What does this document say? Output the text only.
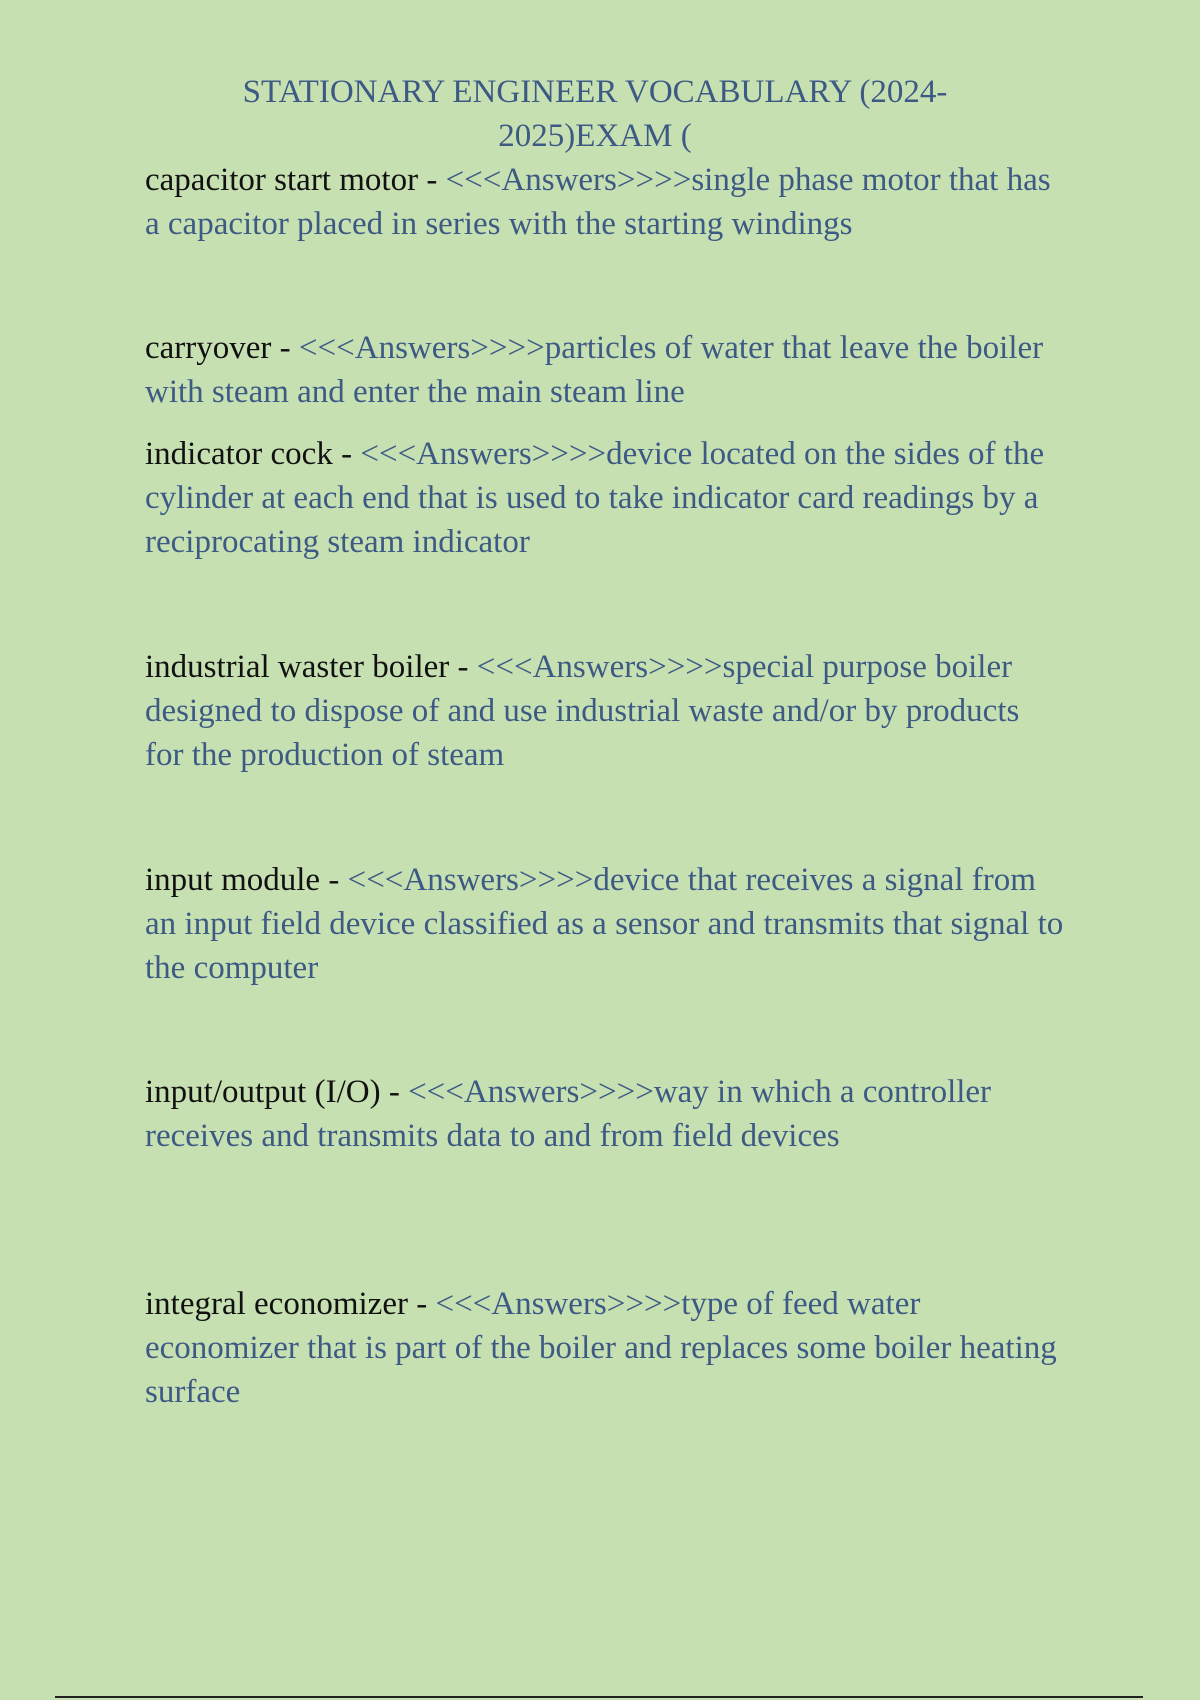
STATIONARY ENGINEER VOCABULARY (2024-2025)EXAM (

capacitor start motor - <<<Answers>>>>single phase motor that has a capacitor placed in series with the starting windings

carryover - <<<Answers>>>>particles of water that leave the boiler with steam and enter the main steam line

indicator cock - <<<Answers>>>>device located on the sides of the cylinder at each end that is used to take indicator card readings by a reciprocating steam indicator

industrial waster boiler - <<<Answers>>>>special purpose boiler designed to dispose of and use industrial waste and/or by products for the production of steam

input module - <<<Answers>>>>device that receives a signal from an input field device classified as a sensor and transmits that signal to the computer

input/output (I/O) - <<<Answers>>>>way in which a controller receives and transmits data to and from field devices

integral economizer - <<<Answers>>>>type of feed water economizer that is part of the boiler and replaces some boiler heating surface
